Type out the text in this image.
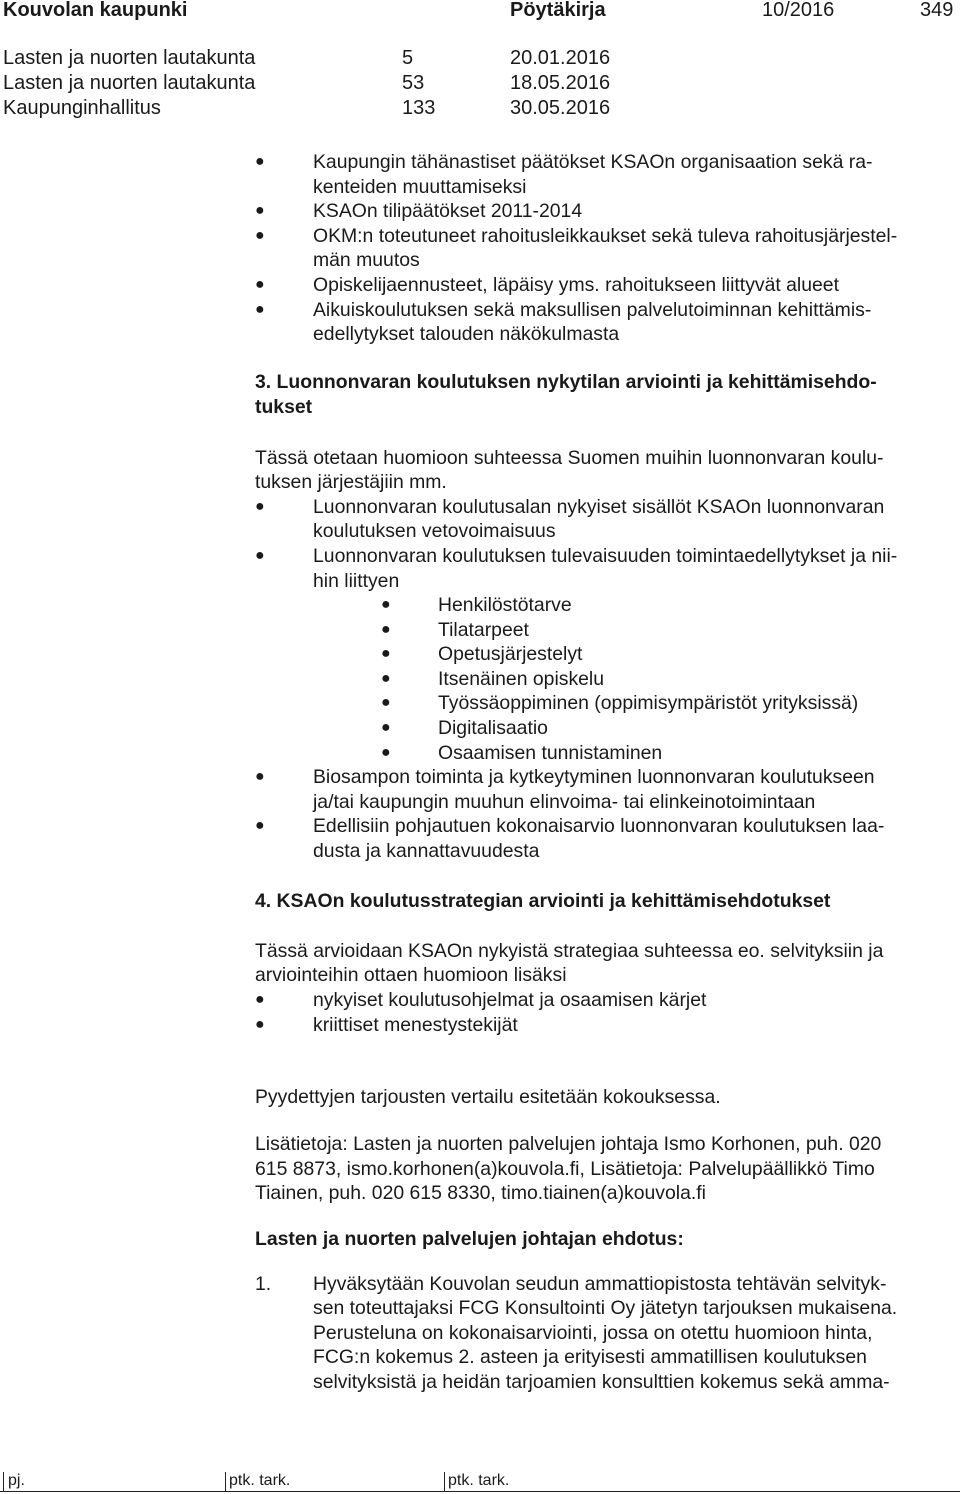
Kouvolan kaupunki	Pöytäkirja	10/2016	349
Lasten ja nuorten lautakunta	5	20.01.2016
Lasten ja nuorten lautakunta	53	18.05.2016
Kaupunginhallitus	133	30.05.2016
● Kaupungin tähänastiset päätökset KSAOn organisaation sekä ra-
kenteiden muuttamiseksi
● KSAOn tilipäätökset 2011-2014
● OKM:n toteutuneet rahoitusleikkaukset sekä tuleva rahoitusjärjestel-
män muutos
● Opiskelijaennusteet, läpäisy yms. rahoitukseen liittyvät alueet
● Aikuiskoulutuksen sekä maksullisen palvelutoiminnan kehittämis-
edellytykset talouden näkökulmasta
3. Luonnonvaran koulutuksen nykytilan arviointi ja kehittämisehdo-
tukset
Tässä otetaan huomioon suhteessa Suomen muihin luonnonvaran koulu-
tuksen järjestäjiin mm.
● Luonnonvaran koulutusalan nykyiset sisällöt KSAOn luonnonvaran
koulutuksen vetovoimaisuus
● Luonnonvaran koulutuksen tulevaisuuden toimintaedellytykset ja nii-
hin liittyen
● Henkilöstötarve
● Tilatarpeet
● Opetusjärjestelyt
● Itsenäinen opiskelu
● Työssäoppiminen (oppimisympäristöt yrityksissä)
● Digitalisaatio
● Osaamisen tunnistaminen
● Biosampon toiminta ja kytkeytyminen luonnonvaran koulutukseen
ja/tai kaupungin muuhun elinvoima- tai elinkeinotoimintaan
● Edellisiin pohjautuen kokonaisarvio luonnonvaran koulutuksen laa-
dusta ja kannattavuudesta
4. KSAOn koulutusstrategian arviointi ja kehittämisehdotukset
Tässä arvioidaan KSAOn nykyistä strategiaa suhteessa eo. selvityksiin ja
arviointeihin ottaen huomioon lisäksi
● nykyiset koulutusohjelmat ja osaamisen kärjet
● kriittiset menestystekijät
Pyydettyjen tarjousten vertailu esitetään kokouksessa.
Lisätietoja: Lasten ja nuorten palvelujen johtaja Ismo Korhonen, puh. 020
615 8873, ismo.korhonen(a)kouvola.fi, Lisätietoja: Palvelupäällikkö Timo
Tiainen, puh. 020 615 8330, timo.tiainen(a)kouvola.fi
Lasten ja nuorten palvelujen johtajan ehdotus:
1. Hyväksytään Kouvolan seudun ammattiopistosta tehtävän selvityk-
sen toteuttajaksi FCG Konsultointi Oy jätetyn tarjouksen mukaisena.
Perusteluna on kokonaisarviointi, jossa on otettu huomioon hinta,
FCG:n kokemus 2. asteen ja erityisesti ammatillisen koulutuksen
selvityksistä ja heidän tarjoamien konsulttien kokemus sekä amma-
pj.	ptk. tark.	ptk. tark.
